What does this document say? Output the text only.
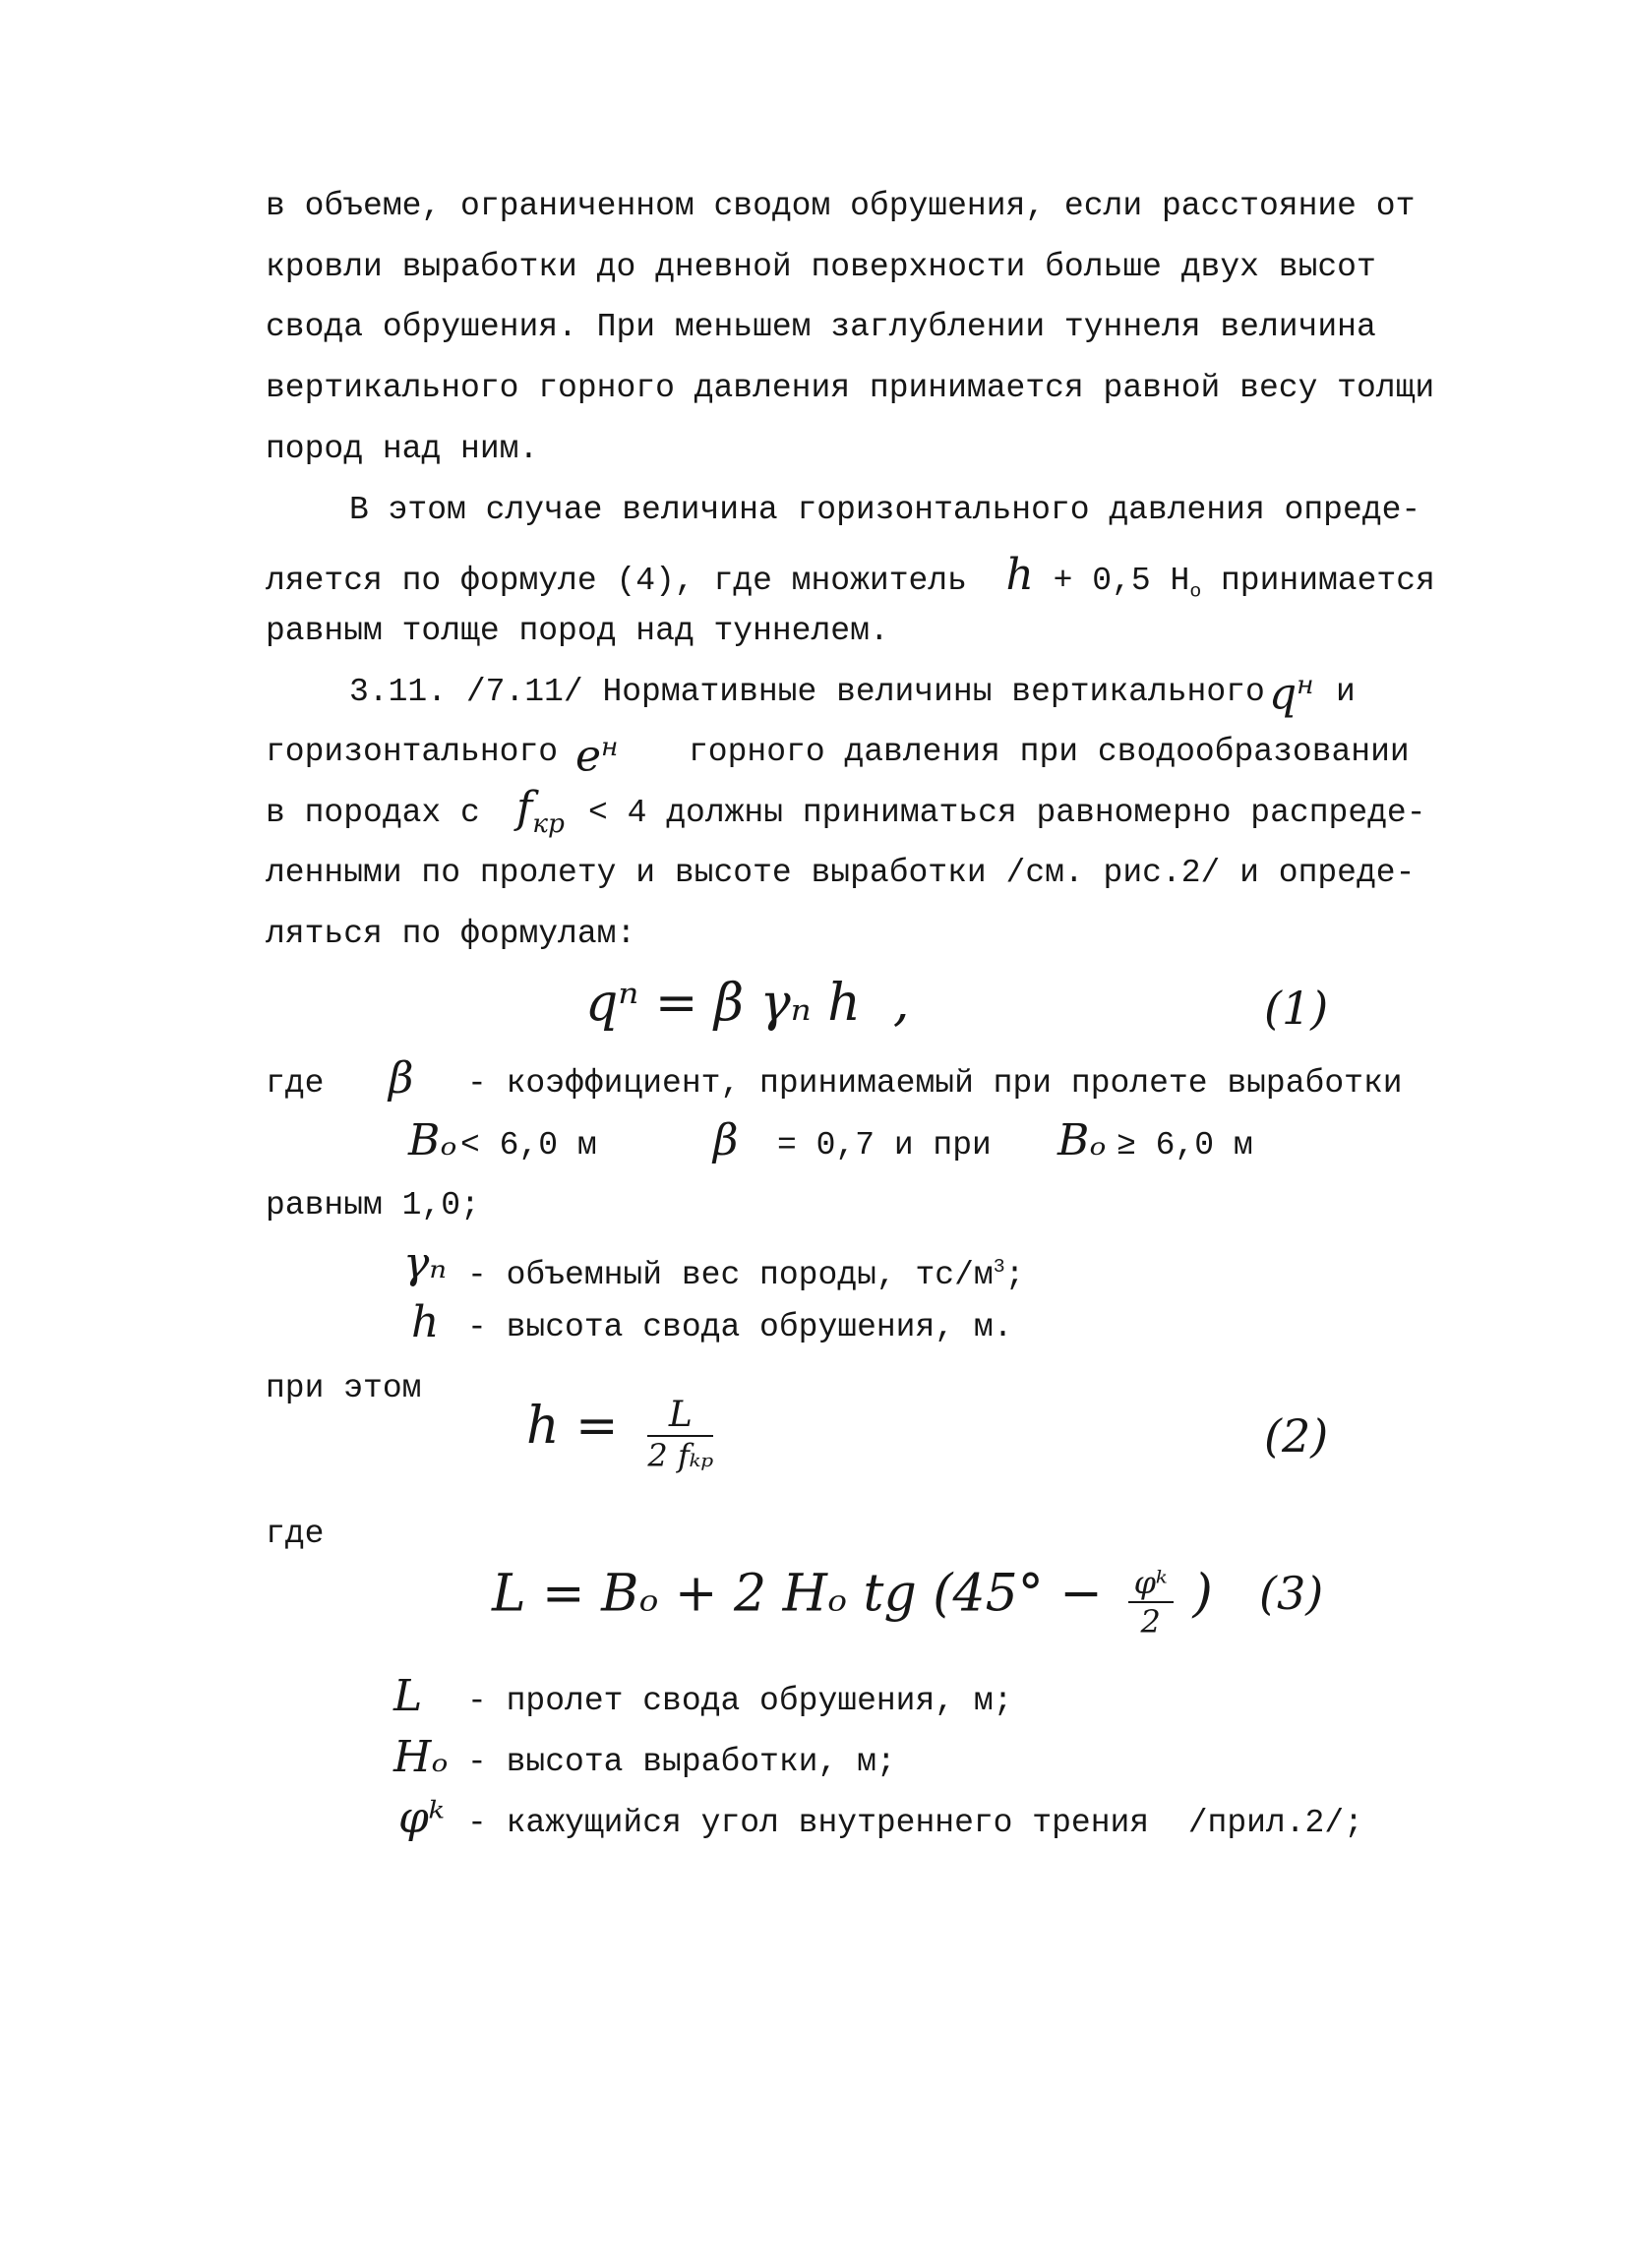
в объеме, ограниченном сводом обрушения, если расстояние от
кровли выработки до дневной поверхности больше двух высот
свода обрушения. При меньшем заглублении туннеля величина
вертикального горного давления принимается равной весу толщи
пород над ним.
В этом случае величина горизонтального давления опреде-
ляется по формуле (4), где множитель h + 0,5 $H_о$ принимается
равным толще пород над туннелем.
3.11. /7.11/ Нормативные величины вертикального $q^н$ и
горизонтального $e^н$ горного давления при сводообразовании
в породах с $f_{кр} < 4$ должны приниматься равномерно распреде-
ленными по пролету и высоте выработки /см. рис.2/ и опреде-
ляться по формулам:
qⁿ = β γₙ h  ,	(1)
где β - коэффициент, принимаемый при пролете выработки
Bₒ < 6,0 м	β = 0,7 и при Bₒ ≥ 6,0 м
равным 1,0;
γₙ - объемный вес породы, $тс/м^3$;
h - высота свода обрушения, м.
при этом
$h = \frac{L}{\text{2 fₖₚ}}$	(2)
где
L = Bₒ + 2 Hₒ tg ($45^\circ - \frac{\text{φᵏ}}{2}$ ) (3)
L - пролет свода обрушения, м;
Hₒ - высота выработки, м;
φᵏ - кажущийся угол внутреннего трения  /прил.2/;
